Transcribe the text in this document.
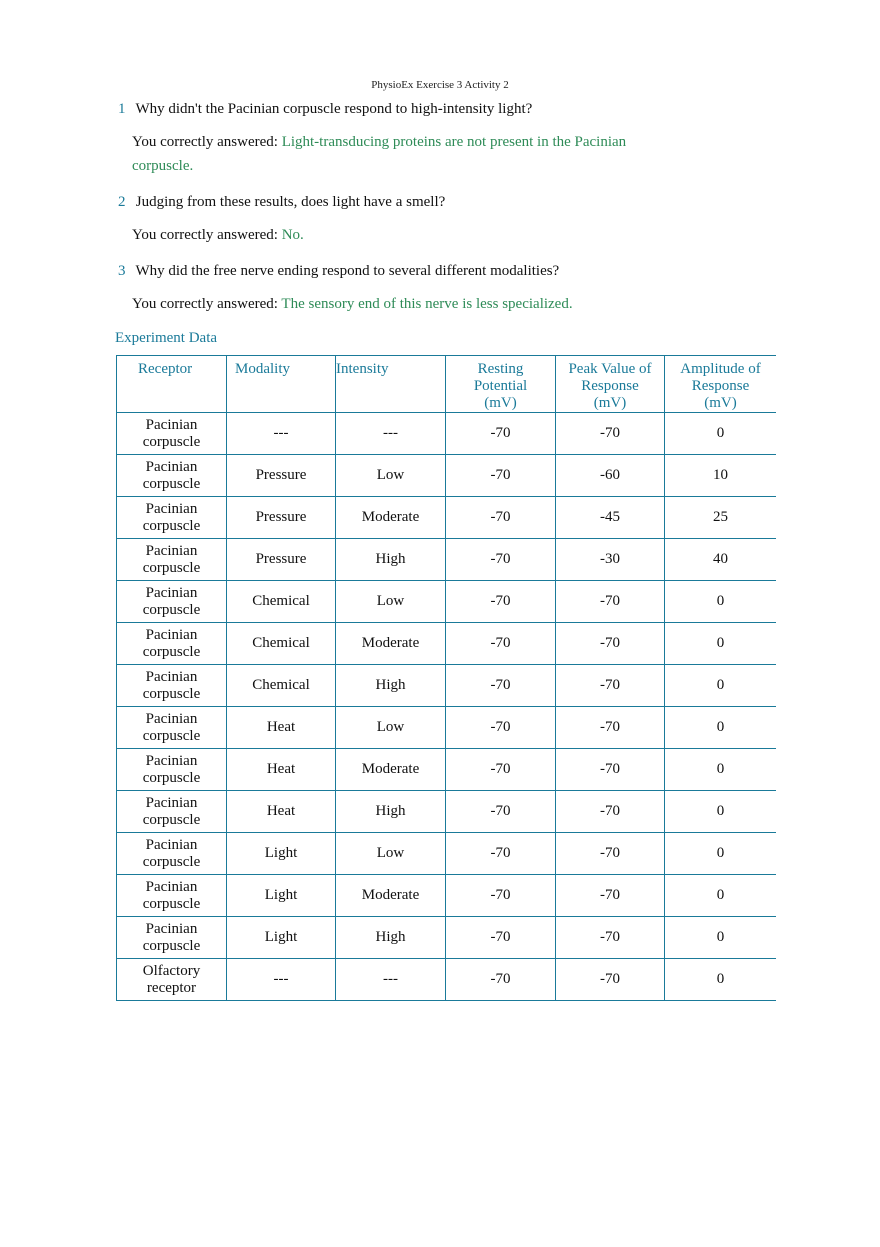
PhysioEx Exercise 3 Activity 2
1 Why didn't the Pacinian corpuscle respond to high-intensity light?
You correctly answered: Light-transducing proteins are not present in the Pacinian
corpuscle.
2 Judging from these results, does light have a smell?
You correctly answered: No.
3 Why did the free nerve ending respond to several different modalities?
You correctly answered: The sensory end of this nerve is less specialized.
Experiment Data
Receptor	Modality	Intensity	Resting
Potential
(mV)	Peak Value of
Response
(mV)	Amplitude of
Response
(mV)

Pacinian
corpuscle	---	---	-70	-70	0
Pacinian
corpuscle	Pressure	Low	-70	-60	10
Pacinian
corpuscle	Pressure	Moderate	-70	-45	25
Pacinian
corpuscle	Pressure	High	-70	-30	40
Pacinian
corpuscle	Chemical	Low	-70	-70	0
Pacinian
corpuscle	Chemical	Moderate	-70	-70	0
Pacinian
corpuscle	Chemical	High	-70	-70	0
Pacinian
corpuscle	Heat	Low	-70	-70	0
Pacinian
corpuscle	Heat	Moderate	-70	-70	0
Pacinian
corpuscle	Heat	High	-70	-70	0
Pacinian
corpuscle	Light	Low	-70	-70	0
Pacinian
corpuscle	Light	Moderate	-70	-70	0
Pacinian
corpuscle	Light	High	-70	-70	0
Olfactory
receptor	---	---	-70	-70	0
